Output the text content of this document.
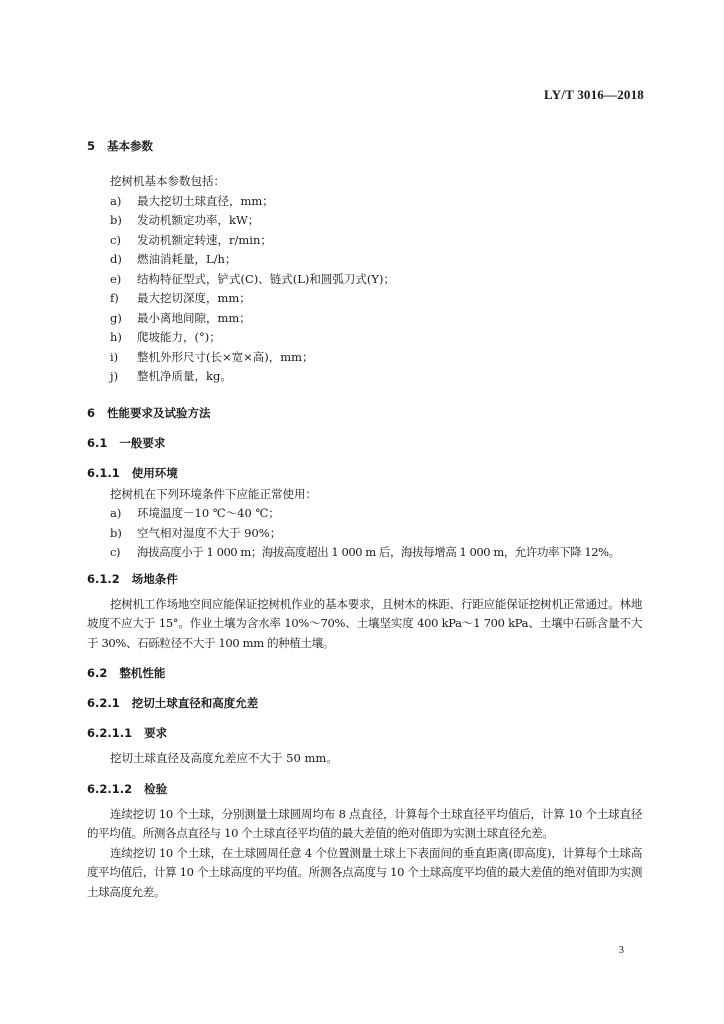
LY/T 3016—2018
5 基本参数

挖树机基本参数包括：

a) 最大挖切土球直径，mm；

b) 发动机额定功率，kW；

c) 发动机额定转速，r/min；

d) 燃油消耗量，L/h；

e) 结构特征型式，铲式(C)、链式(L)和圆弧刀式(Y)；

f) 最大挖切深度，mm；

g) 最小离地间隙，mm；

h) 爬坡能力，(°)；

i) 整机外形尺寸(长×宽×高)，mm；

j) 整机净质量，kg。

6 性能要求及试验方法
6.1 一般要求
6.1.1 使用环境

挖树机在下列环境条件下应能正常使用：

a) 环境温度－10 ℃～40 ℃；

b) 空气相对湿度不大于 90%；

c) 海拔高度小于 1 000 m；海拔高度超出 1 000 m 后，海拔每增高 1 000 m，允许功率下降 12%。

6.1.2 场地条件

挖树机工作场地空间应能保证挖树机作业的基本要求，且树木的株距、行距应能保证挖树机正常通过。林地坡度不应大于 15°。作业土壤为含水率 10%～70%、土壤坚实度 400 kPa～1 700 kPa、土壤中石砾含量不大于 30%、石砾粒径不大于 100 mm 的种植土壤。

6.2 整机性能
6.2.1 挖切土球直径和高度允差
6.2.1.1 要求

挖切土球直径及高度允差应不大于 50 mm。

6.2.1.2 检验

连续挖切 10 个土球，分别测量土球圆周均布 8 点直径，计算每个土球直径平均值后，计算 10 个土球直径的平均值。所测各点直径与 10 个土球直径平均值的最大差值的绝对值即为实测土球直径允差。

连续挖切 10 个土球，在土球圆周任意 4 个位置测量土球上下表面间的垂直距离(即高度)，计算每个土球高度平均值后，计算 10 个土球高度的平均值。所测各点高度与 10 个土球高度平均值的最大差值的绝对值即为实测土球高度允差。

3
